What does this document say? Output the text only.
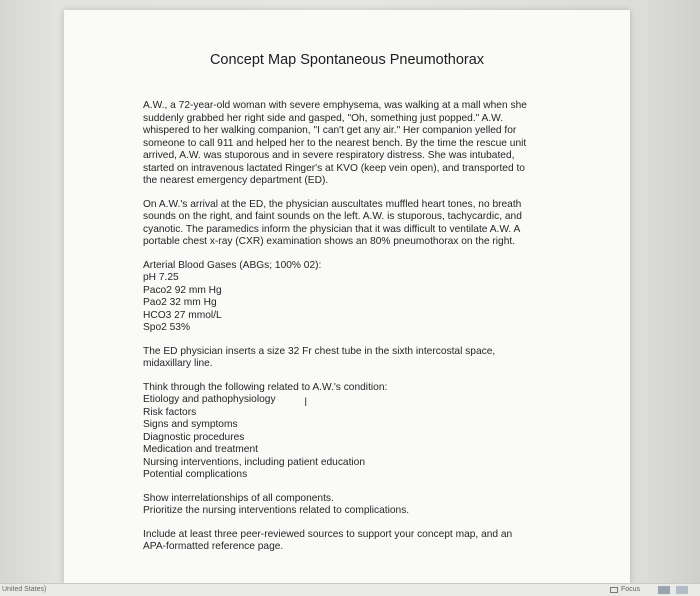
Concept Map Spontaneous Pneumothorax

A.W., a 72-year-old woman with severe emphysema, was walking at a mall when she
suddenly grabbed her right side and gasped, "Oh, something just popped." A.W.
whispered to her walking companion, "I can't get any air." Her companion yelled for
someone to call 911 and helped her to the nearest bench. By the time the rescue unit
arrived, A.W. was stuporous and in severe respiratory distress. She was intubated,
started on intravenous lactated Ringer's at KVO (keep vein open), and transported to
the nearest emergency department (ED).

On A.W.'s arrival at the ED, the physician auscultates muffled heart tones, no breath
sounds on the right, and faint sounds on the left. A.W. is stuporous, tachycardic, and
cyanotic. The paramedics inform the physician that it was difficult to ventilate A.W. A
portable chest x-ray (CXR) examination shows an 80% pneumothorax on the right.

Arterial Blood Gases (ABGs; 100% 02):
pH 7.25
Paco2 92 mm Hg
Pao2 32 mm Hg
HCO3 27 mmol/L
Spo2 53%

The ED physician inserts a size 32 Fr chest tube in the sixth intercostal space,
midaxillary line.

Think through the following related to A.W.'s condition:
Etiology and pathophysiology
Risk factors
Signs and symptoms
Diagnostic procedures
Medication and treatment
Nursing interventions, including patient education
Potential complications

Show interrelationships of all components.
Prioritize the nursing interventions related to complications.

Include at least three peer-reviewed sources to support your concept map, and an
APA-formatted reference page.

I
United States)	Focus
